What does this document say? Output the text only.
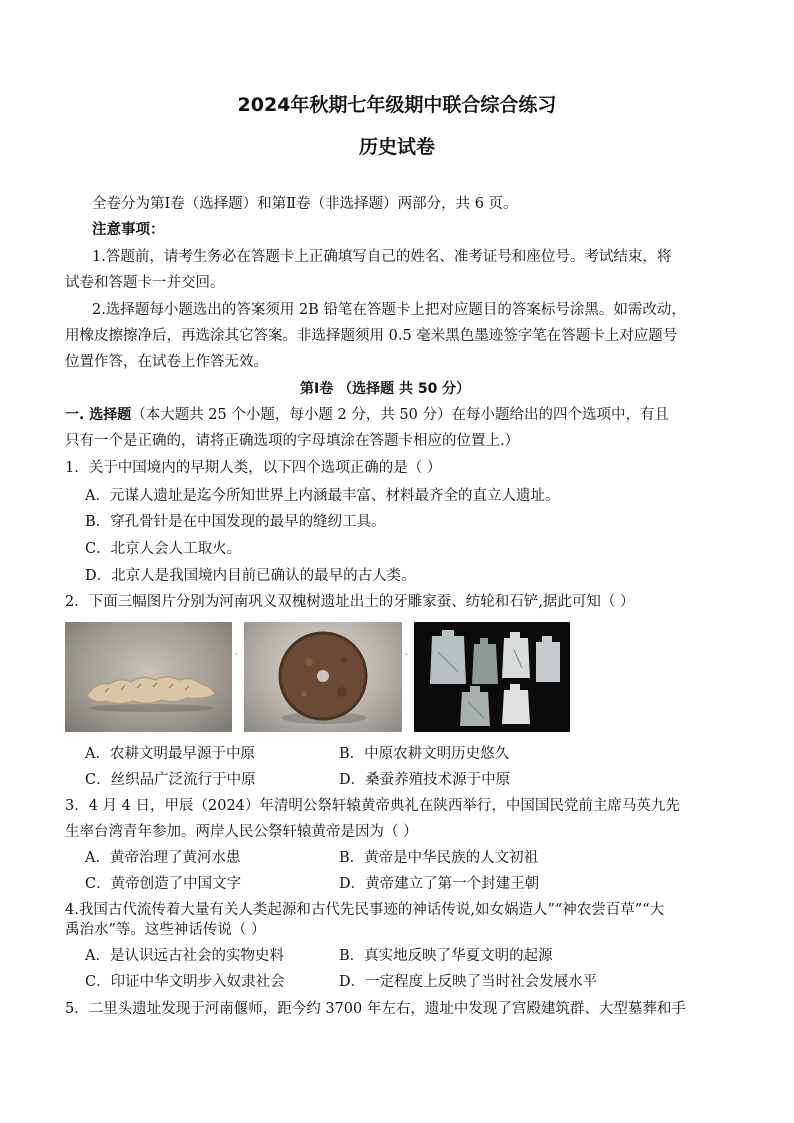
2024年秋期七年级期中联合综合练习
历史试卷
全卷分为第Ⅰ卷（选择题）和第Ⅱ卷（非选择题）两部分，共 6 页。
注意事项：
1.答题前，请考生务必在答题卡上正确填写自己的姓名、准考证号和座位号。考试结束，将
试卷和答题卡一并交回。
2.选择题每小题选出的答案须用 2B 铅笔在答题卡上把对应题目的答案标号涂黑。如需改动，
用橡皮擦擦净后，再选涂其它答案。非选择题须用 0.5 毫米黑色墨迹签字笔在答题卡上对应题号
位置作答，在试卷上作答无效。
第Ⅰ卷 （选择题 共 50 分）
一. 选择题（本大题共 25 个小题，每小题 2 分，共 50 分）在每小题给出的四个选项中，有且
只有一个是正确的，请将正确选项的字母填涂在答题卡相应的位置上.）
1．关于中国境内的早期人类，以下四个选项正确的是（ ）
A．元谋人遗址是迄今所知世界上内涵最丰富、材料最齐全的直立人遗址。
B．穿孔骨针是在中国发现的最早的缝纫工具。
C．北京人会人工取火。
D．北京人是我国境内目前已确认的最早的古人类。
2．下面三幅图片分别为河南巩义双槐树遗址出土的牙雕家蚕、纺轮和石铲,据此可知（ ）
·	·
A．农耕文明最早源于中原	B．中原农耕文明历史悠久
C．丝织品广泛流行于中原	D．桑蚕养殖技术源于中原
3．4 月 4 日，甲辰（2024）年清明公祭轩辕黄帝典礼在陕西举行，中国国民党前主席马英九先
生率台湾青年参加。两岸人民公祭轩辕黄帝是因为（ ）
A．黄帝治理了黄河水患	B．黄帝是中华民族的人文初祖
C．黄帝创造了中国文字	D．黄帝建立了第一个封建王朝
4.我国古代流传着大量有关人类起源和古代先民事迹的神话传说,如女娲造人”“神农尝百草”“大
禹治水”等。这些神话传说（ ）
A．是认识远古社会的实物史料	B．真实地反映了华夏文明的起源
C．印证中华文明步入奴隶社会	D．一定程度上反映了当时社会发展水平
5．二里头遗址发现于河南偃师，距今约 3700 年左右，遗址中发现了宫殿建筑群、大型墓葬和手
